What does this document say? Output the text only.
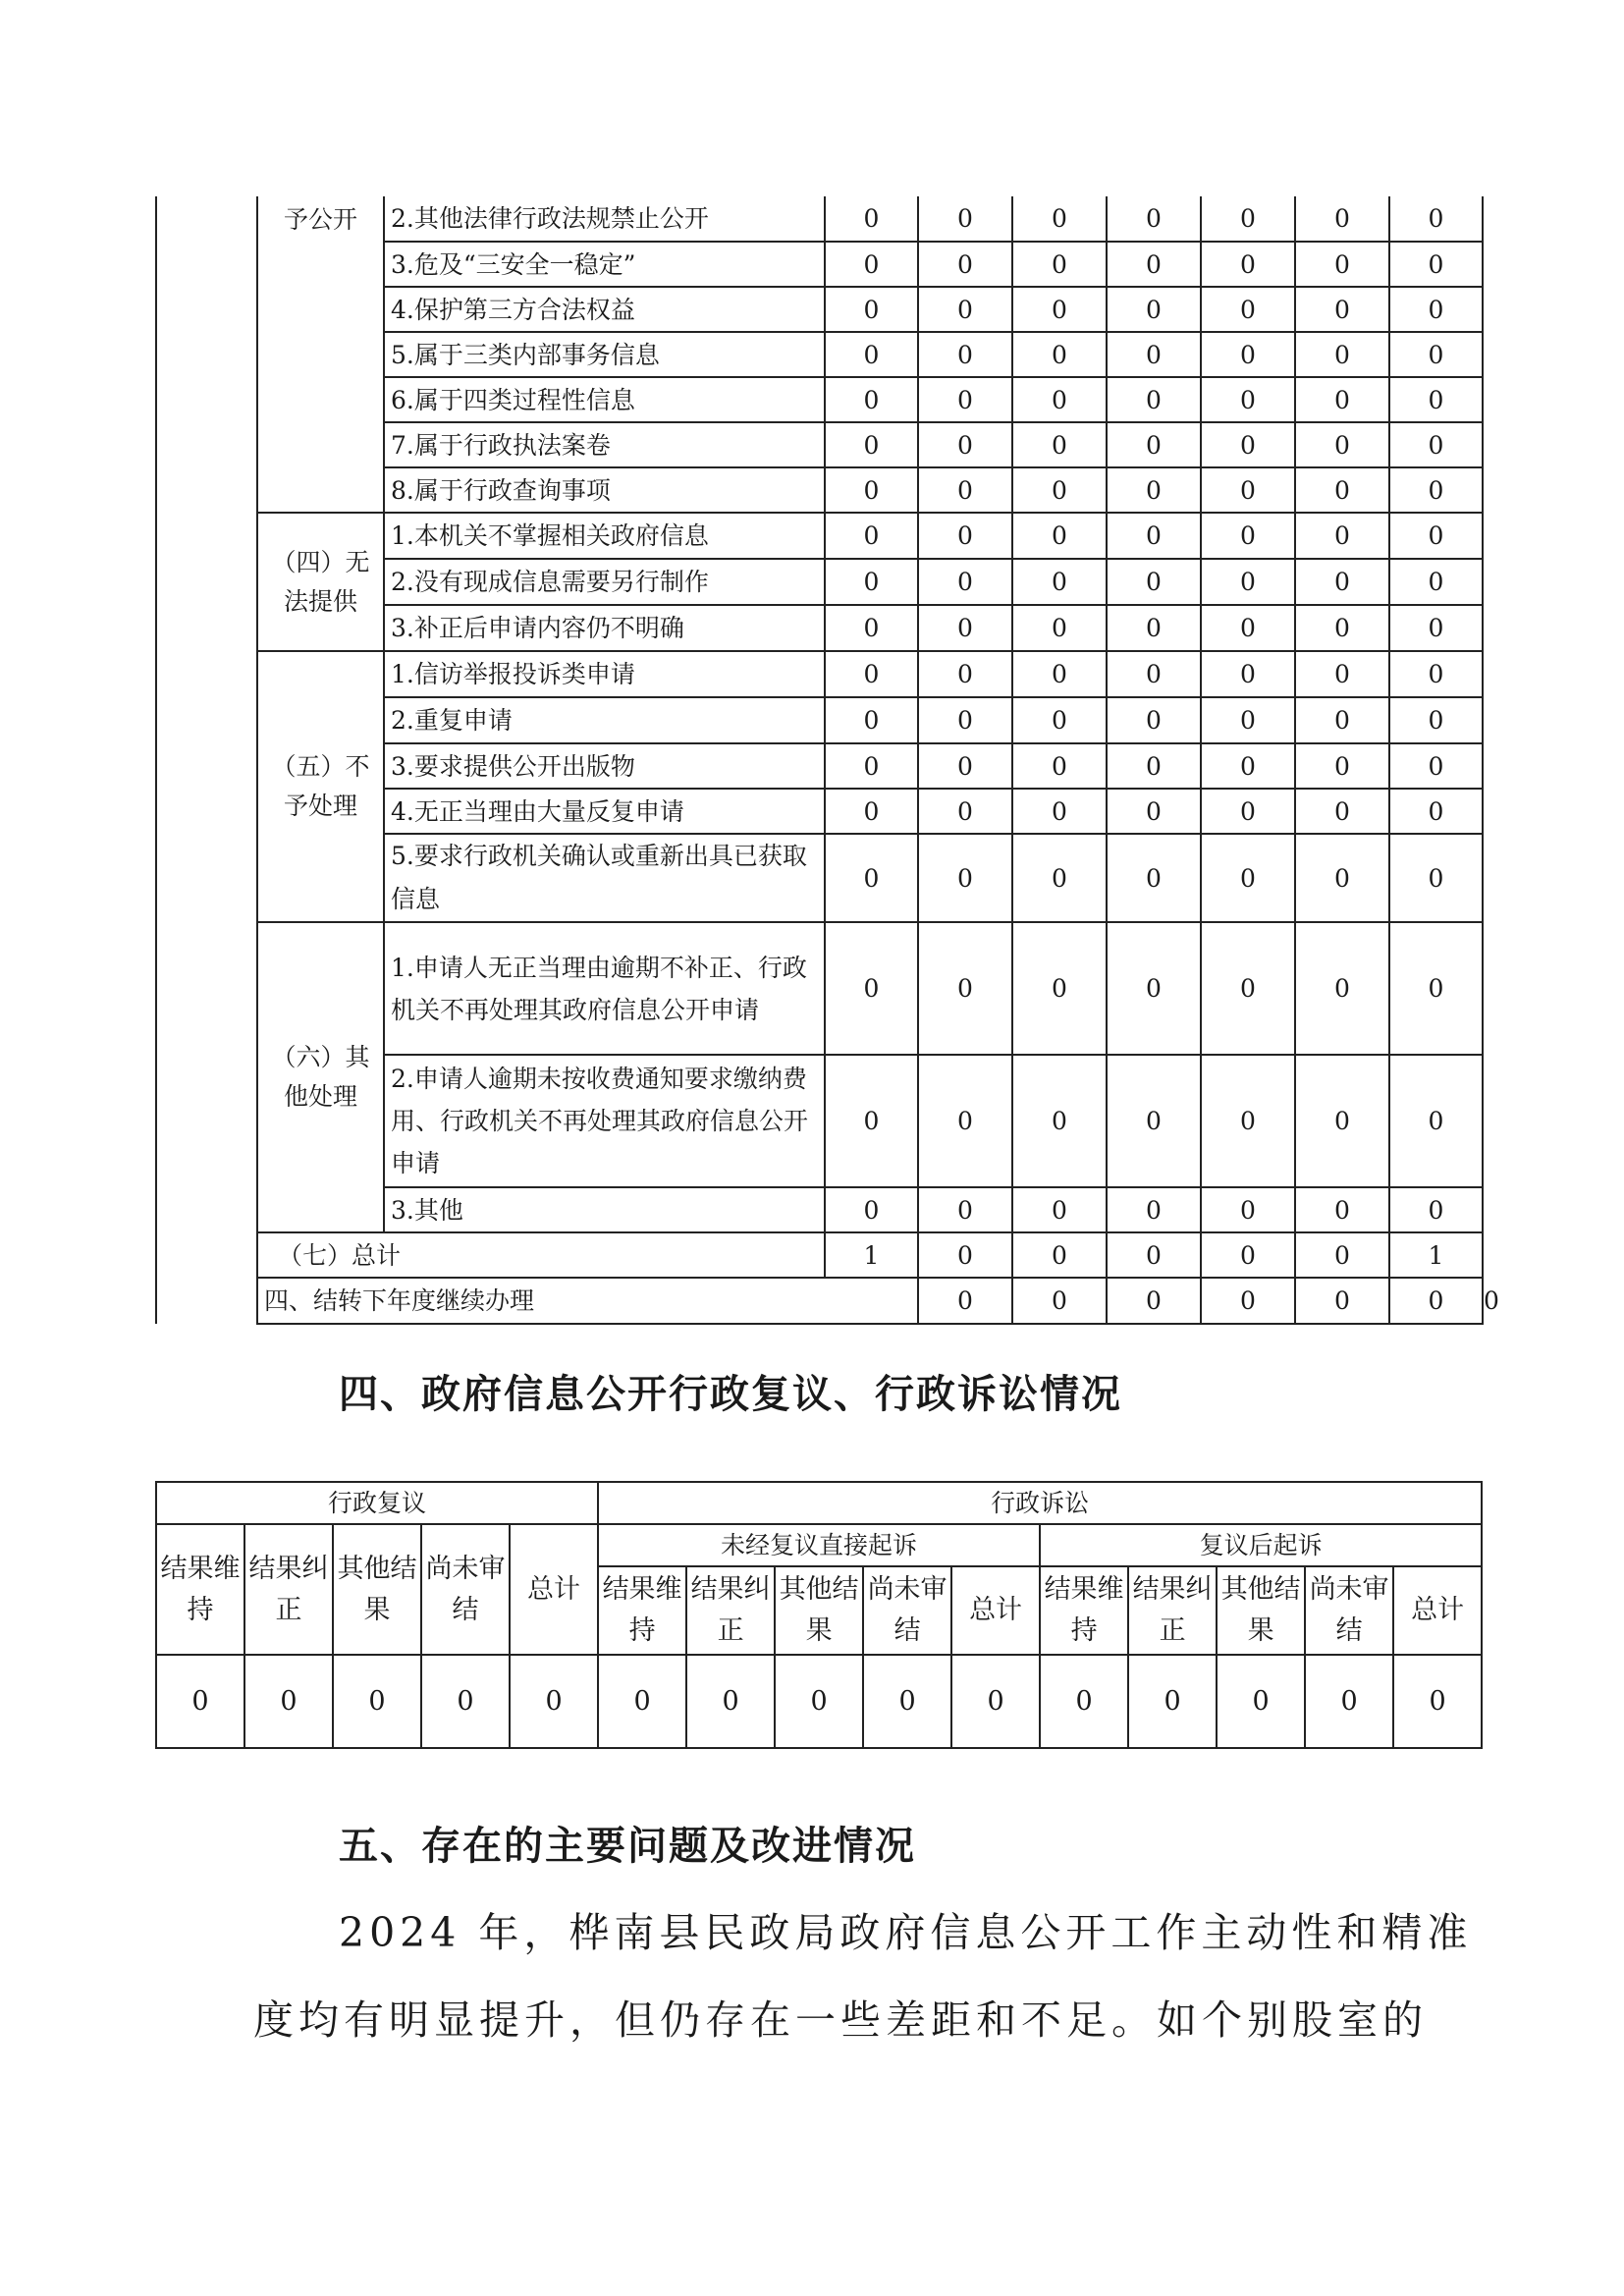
	予公开	2.其他法律行政法规禁止公开	0	0	0	0	0	0	0	
		3.危及“三安全一稳定”	0	0	0	0	0	0	0	
		4.保护第三方合法权益	0	0	0	0	0	0	0	
		5.属于三类内部事务信息	0	0	0	0	0	0	0	
		6.属于四类过程性信息	0	0	0	0	0	0	0	
		7.属于行政执法案卷	0	0	0	0	0	0	0	
		8.属于行政查询事项	0	0	0	0	0	0	0	
	（四）无法提供	1.本机关不掌握相关政府信息	0	0	0	0	0	0	0	
		2.没有现成信息需要另行制作	0	0	0	0	0	0	0	
		3.补正后申请内容仍不明确	0	0	0	0	0	0	0	
	（五）不予处理	1.信访举报投诉类申请	0	0	0	0	0	0	0	
		2.重复申请	0	0	0	0	0	0	0	
		3.要求提供公开出版物	0	0	0	0	0	0	0	
		4.无正当理由大量反复申请	0	0	0	0	0	0	0	
		5.要求行政机关确认或重新出具已获取信息	0	0	0	0	0	0	0	
	（六）其他处理	1.申请人无正当理由逾期不补正、行政机关不再处理其政府信息公开申请	0	0	0	0	0	0	0	
		2.申请人逾期未按收费通知要求缴纳费用、行政机关不再处理其政府信息公开申请	0	0	0	0	0	0	0	
		3.其他	0	0	0	0	0	0	0	
	（七）总计		1	0	0	0	0	0	1	
	四、结转下年度继续办理			0	0	0	0	0	0	0
四、政府信息公开行政复议、行政诉讼情况
行政复议					行政诉讼									
结果维持	结果纠正	其他结果	尚未审结	总计	未经复议直接起诉					复议后起诉				
					结果维持	结果纠正	其他结果	尚未审结	总计	结果维持	结果纠正	其他结果	尚未审结	总计
0	0	0	0	0	0	0	0	0	0	0	0	0	0	0
五、存在的主要问题及改进情况

2024 年，桦南县民政局政府信息公开工作主动性和精准

度均有明显提升，但仍存在一些差距和不足。如个别股室的
